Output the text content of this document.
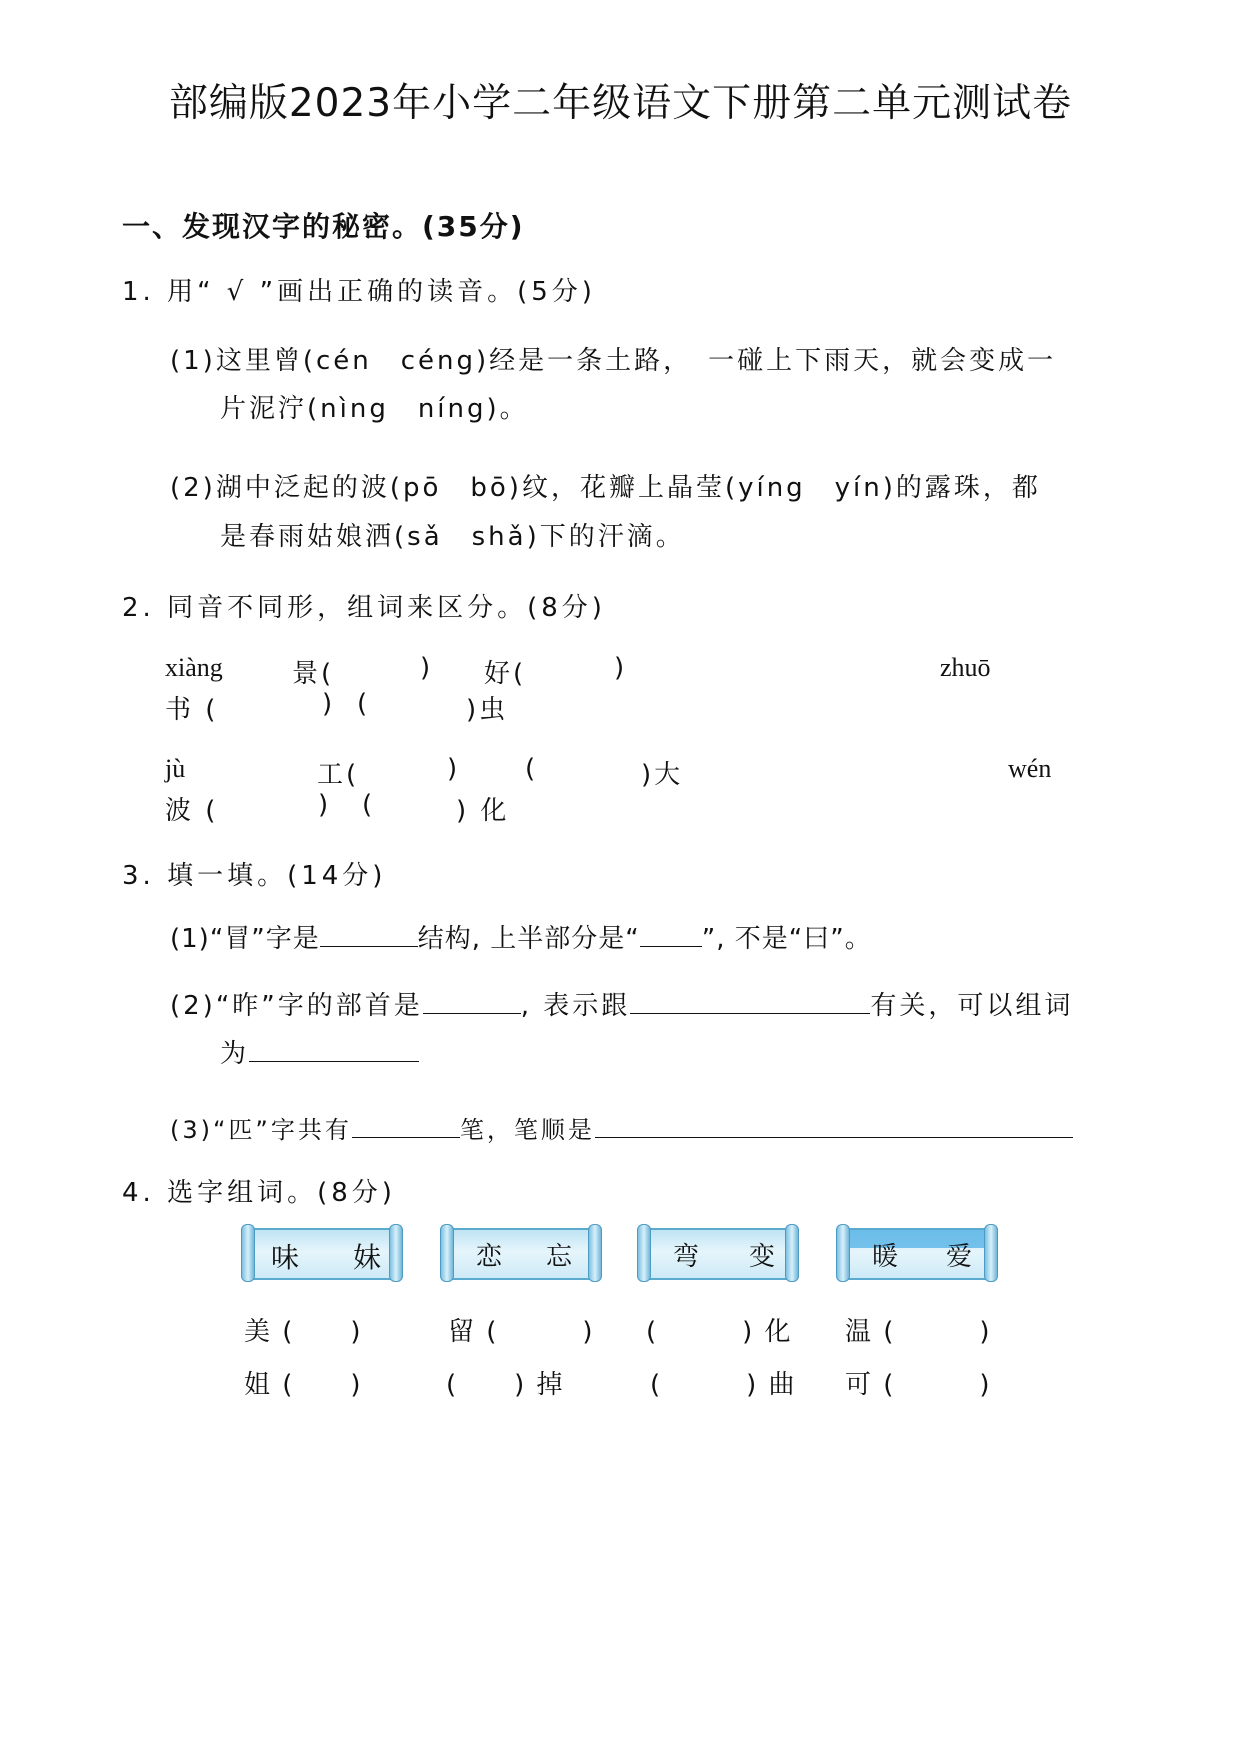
部编版2023年小学二年级语文下册第二单元测试卷
一、发现汉字的秘密。(35分)
1. 用“ √ ”画出正确的读音。(5分)
(1)这里曾(cén　céng)经是一条土路，　一碰上下雨天，就会变成一
片泥泞(nìng　níng)。
(2)湖中泛起的波(pō　bō)纹，花瓣上晶莹(yíng　yín)的露珠，都
是春雨姑娘洒(sǎ　shǎ)下的汗滴。
2. 同音不同形，组词来区分。(8分)
xiàng	景(	) 好(	)	zhuō
书 (	) (	)虫
jù	工(	) (	)大	wén
波 (	) (	) 化
3. 填一填。(14分)
(1)“冒”字是	结构, 上半部分是“ ”, 不是“曰”。
(2)“昨”字的部首是	, 表示跟	有关，可以组词
为
(3)“匹”字共有	笔，笔顺是
4. 选字组词。(8分)
味 妹	恋 忘	弯 变	暖 爱
美 (　　)	留 (　　　) (　　　) 化 温 (　　　)
姐 (　　)	(　　) 掉	(　　　) 曲 可 (　　　)
